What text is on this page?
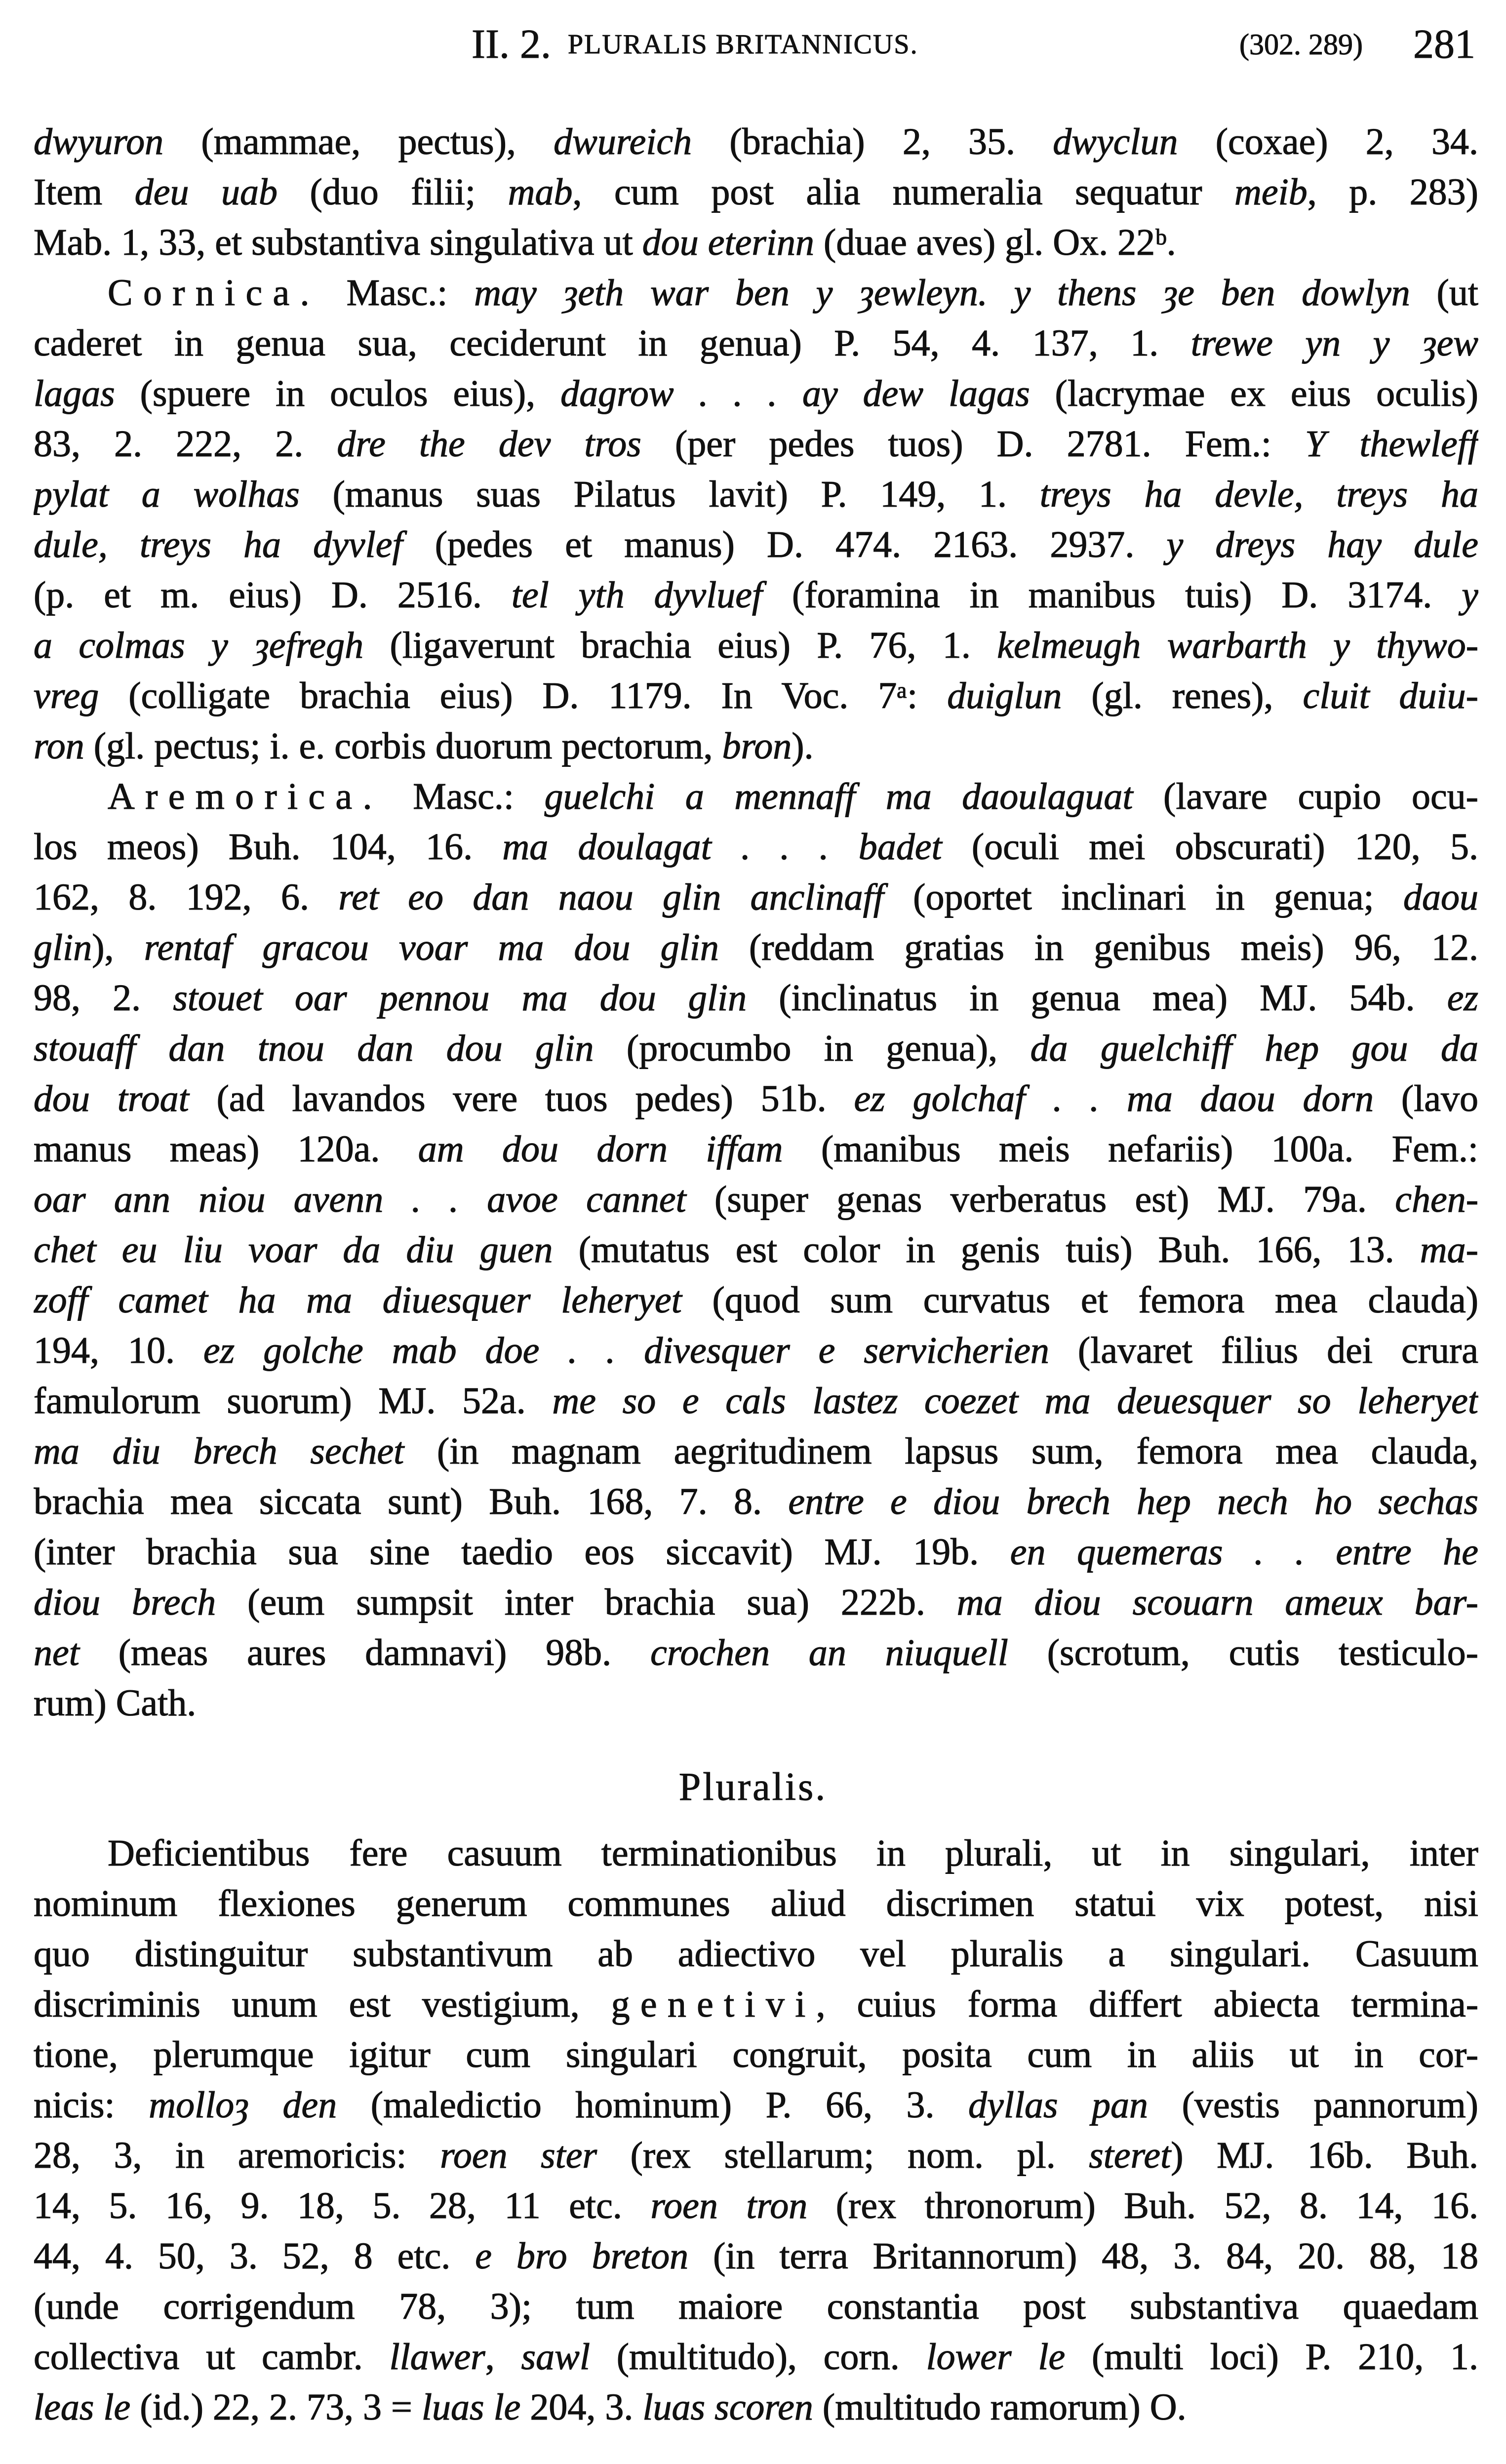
II. 2. PLURALIS BRITANNICUS.	(302. 289) 281
dwyuron (mammae, pectus), dwureich (brachia) 2, 35. dwyclun (coxae) 2, 34.
Item deu uab (duo filii; mab, cum post alia numeralia sequatur meib, p. 283)
Mab. 1, 33, et substantiva singulativa ut dou eterinn (duae aves) gl. Ox. 22ᵇ.
Cornica. Masc.: may ȝeth war ben y ȝewleyn. y thens ȝe ben dowlyn (ut
caderet in genua sua, ceciderunt in genua) P. 54, 4. 137, 1. trewe yn y ȝew
lagas (spuere in oculos eius), dagrow . . . ay dew lagas (lacrymae ex eius oculis)
83, 2. 222, 2. dre the dev tros (per pedes tuos) D. 2781. Fem.: Y thewleff
pylat a wolhas (manus suas Pilatus lavit) P. 149, 1. treys ha devle, treys ha
dule, treys ha dyvlef (pedes et manus) D. 474. 2163. 2937. y dreys hay dule
(p. et m. eius) D. 2516. tel yth dyvluef (foramina in manibus tuis) D. 3174. y
a colmas y ȝefregh (ligaverunt brachia eius) P. 76, 1. kelmeugh warbarth y thywo-
vreg (colligate brachia eius) D. 1179. In Voc. 7ᵃ: duiglun (gl. renes), cluit duiu-
ron (gl. pectus; i. e. corbis duorum pectorum, bron).
Aremorica. Masc.: guelchi a mennaff ma daoulaguat (lavare cupio ocu-
los meos) Buh. 104, 16. ma doulagat . . . badet (oculi mei obscurati) 120, 5.
162, 8. 192, 6. ret eo dan naou glin anclinaff (oportet inclinari in genua; daou
glin), rentaf gracou voar ma dou glin (reddam gratias in genibus meis) 96, 12.
98, 2. stouet oar pennou ma dou glin (inclinatus in genua mea) MJ. 54b. ez
stouaff dan tnou dan dou glin (procumbo in genua), da guelchiff hep gou da
dou troat (ad lavandos vere tuos pedes) 51b. ez golchaf . . ma daou dorn (lavo
manus meas) 120a. am dou dorn iffam (manibus meis nefariis) 100a. Fem.:
oar ann niou avenn . . avoe cannet (super genas verberatus est) MJ. 79a. chen-
chet eu liu voar da diu guen (mutatus est color in genis tuis) Buh. 166, 13. ma-
zoff camet ha ma diuesquer leheryet (quod sum curvatus et femora mea clauda)
194, 10. ez golche mab doe . . divesquer e servicherien (lavaret filius dei crura
famulorum suorum) MJ. 52a. me so e cals lastez coezet ma deuesquer so leheryet
ma diu brech sechet (in magnam aegritudinem lapsus sum, femora mea clauda,
brachia mea siccata sunt) Buh. 168, 7. 8. entre e diou brech hep nech ho sechas
(inter brachia sua sine taedio eos siccavit) MJ. 19b. en quemeras . . entre he
diou brech (eum sumpsit inter brachia sua) 222b. ma diou scouarn ameux bar-
net (meas aures damnavi) 98b. crochen an niuquell (scrotum, cutis testiculo-
rum) Cath.
Pluralis.
Deficientibus fere casuum terminationibus in plurali, ut in singulari, inter
nominum flexiones generum communes aliud discrimen statui vix potest, nisi
quo distinguitur substantivum ab adiectivo vel pluralis a singulari. Casuum
discriminis unum est vestigium, genetivi, cuius forma differt abiecta termina-
tione, plerumque igitur cum singulari congruit, posita cum in aliis ut in cor-
nicis: molloȝ den (maledictio hominum) P. 66, 3. dyllas pan (vestis pannorum)
28, 3, in aremoricis: roen ster (rex stellarum; nom. pl. steret) MJ. 16b. Buh.
14, 5. 16, 9. 18, 5. 28, 11 etc. roen tron (rex thronorum) Buh. 52, 8. 14, 16.
44, 4. 50, 3. 52, 8 etc. e bro breton (in terra Britannorum) 48, 3. 84, 20. 88, 18
(unde corrigendum 78, 3); tum maiore constantia post substantiva quaedam
collectiva ut cambr. llawer, sawl (multitudo), corn. lower le (multi loci) P. 210, 1.
leas le (id.) 22, 2. 73, 3 = luas le 204, 3. luas scoren (multitudo ramorum) O.
